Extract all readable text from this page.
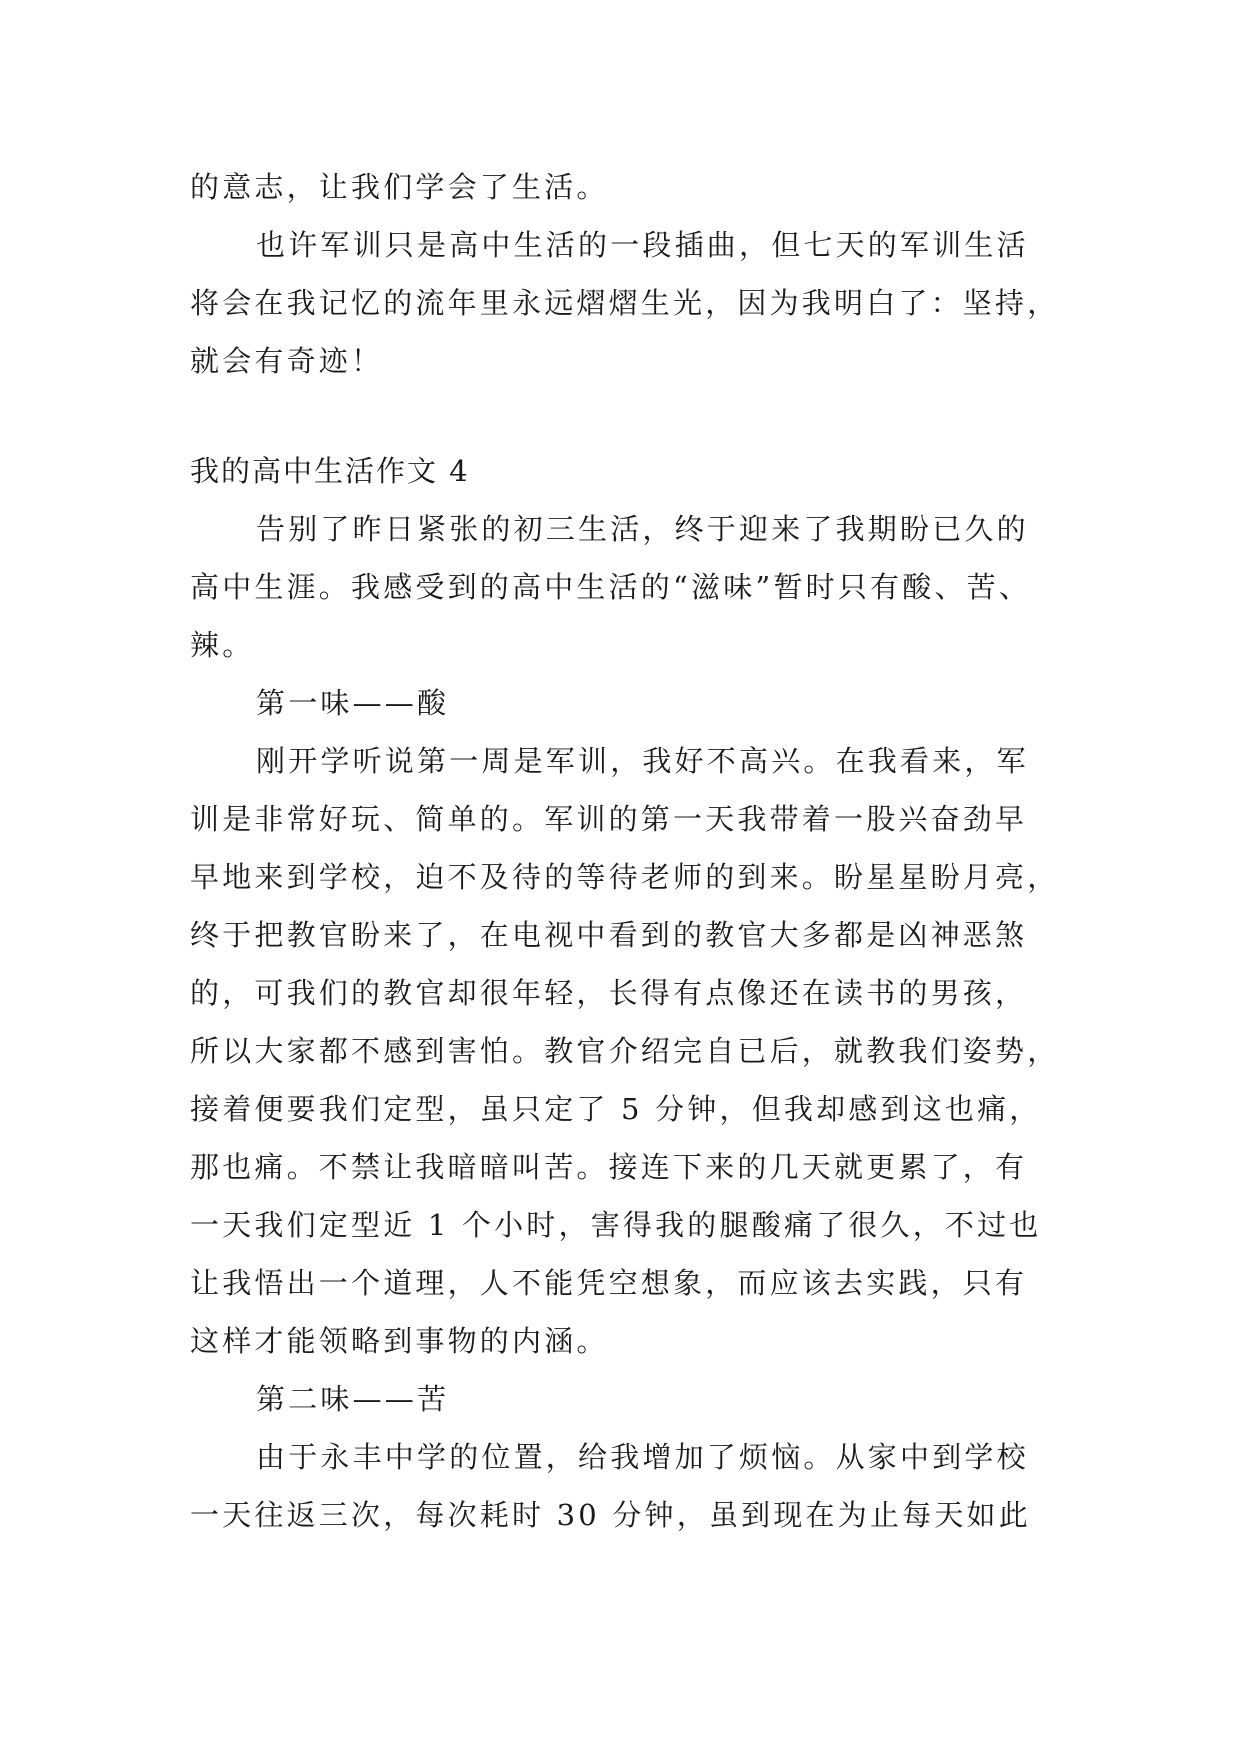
的意志，让我们学会了生活。
也许军训只是高中生活的一段插曲，但七天的军训生活
将会在我记忆的流年里永远熠熠生光，因为我明白了：坚持，
就会有奇迹！
我的高中生活作文 4
告别了昨日紧张的初三生活，终于迎来了我期盼已久的
高中生涯。我感受到的高中生活的“滋味”暂时只有酸、苦、
辣。
第一味——酸
刚开学听说第一周是军训，我好不高兴。在我看来，军
训是非常好玩、简单的。军训的第一天我带着一股兴奋劲早
早地来到学校，迫不及待的等待老师的到来。盼星星盼月亮，
终于把教官盼来了，在电视中看到的教官大多都是凶神恶煞
的，可我们的教官却很年轻，长得有点像还在读书的男孩，
所以大家都不感到害怕。教官介绍完自已后，就教我们姿势，
接着便要我们定型，虽只定了 5 分钟，但我却感到这也痛，
那也痛。不禁让我暗暗叫苦。接连下来的几天就更累了，有
一天我们定型近 1 个小时，害得我的腿酸痛了很久，不过也
让我悟出一个道理，人不能凭空想象，而应该去实践，只有
这样才能领略到事物的内涵。
第二味——苦
由于永丰中学的位置，给我增加了烦恼。从家中到学校
一天往返三次，每次耗时 30 分钟，虽到现在为止每天如此
